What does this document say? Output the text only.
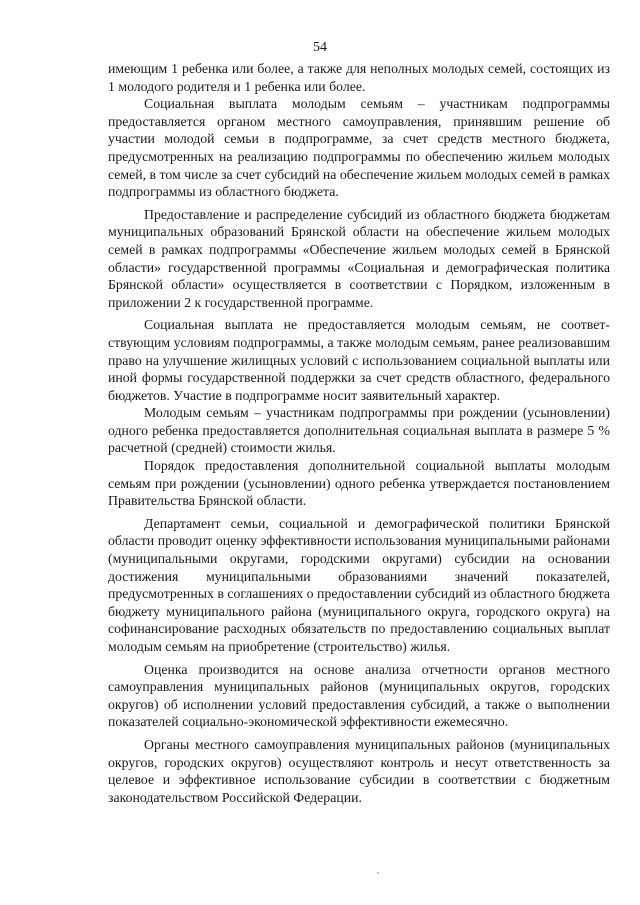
54

имеющим 1 ребенка или более, а также для неполных молодых семей, состоящих из 1 молодого родителя и 1 ребенка или более.

Социальная выплата молодым семьям – участникам подпрограммы предоставляется органом местного самоуправления, принявшим решение об участии молодой семьи в подпрограмме, за счет средств местного бюджета, предусмотренных на реализацию подпрограммы по обеспечению жильем молодых семей, в том числе за счет субсидий на обеспечение жильем молодых семей в рамках подпрограммы из областного бюджета.

Предоставление и распределение субсидий из областного бюджета бюджетам муниципальных образований Брянской области на обеспечение жильем молодых семей в рамках подпрограммы «Обеспечение жильем молодых семей в Брянской области» государственной программы «Социальная и демографическая политика Брянской области» осуществляется в соответствии с Порядком, изложенным в приложении 2 к государственной программе.

Социальная выплата не предоставляется молодым семьям, не соответствующим условиям подпрограммы, а также молодым семьям, ранее реализовавшим право на улучшение жилищных условий с использованием социальной выплаты или иной формы государственной поддержки за счет средств областного, федерального бюджетов. Участие в подпрограмме носит заявительный характер.

Молодым семьям – участникам подпрограммы при рождении (усыновлении) одного ребенка предоставляется дополнительная социальная выплата в размере 5 % расчетной (средней) стоимости жилья.

Порядок предоставления дополнительной социальной выплаты молодым семьям при рождении (усыновлении) одного ребенка утверждается постановлением Правительства Брянской области.

Департамент семьи, социальной и демографической политики Брянской области проводит оценку эффективности использования муниципальными районами (муниципальными округами, городскими округами) субсидии на основании достижения муниципальными образованиями значений показателей, предусмотренных в соглашениях о предоставлении субсидий из областного бюджета бюджету муниципального района (муниципального округа, городского округа) на софинансирование расходных обязательств по предоставлению социальных выплат молодым семьям на приобретение (строительство) жилья.

Оценка производится на основе анализа отчетности органов местного самоуправления муниципальных районов (муниципальных округов, городских округов) об исполнении условий предоставления субсидий, а также о выполнении показателей социально-экономической эффективности ежемесячно.

Органы местного самоуправления муниципальных районов (муниципальных округов, городских округов) осуществляют контроль и несут ответственность за целевое и эффективное использование субсидии в соответствии с бюджетным законодательством Российской Федерации.
